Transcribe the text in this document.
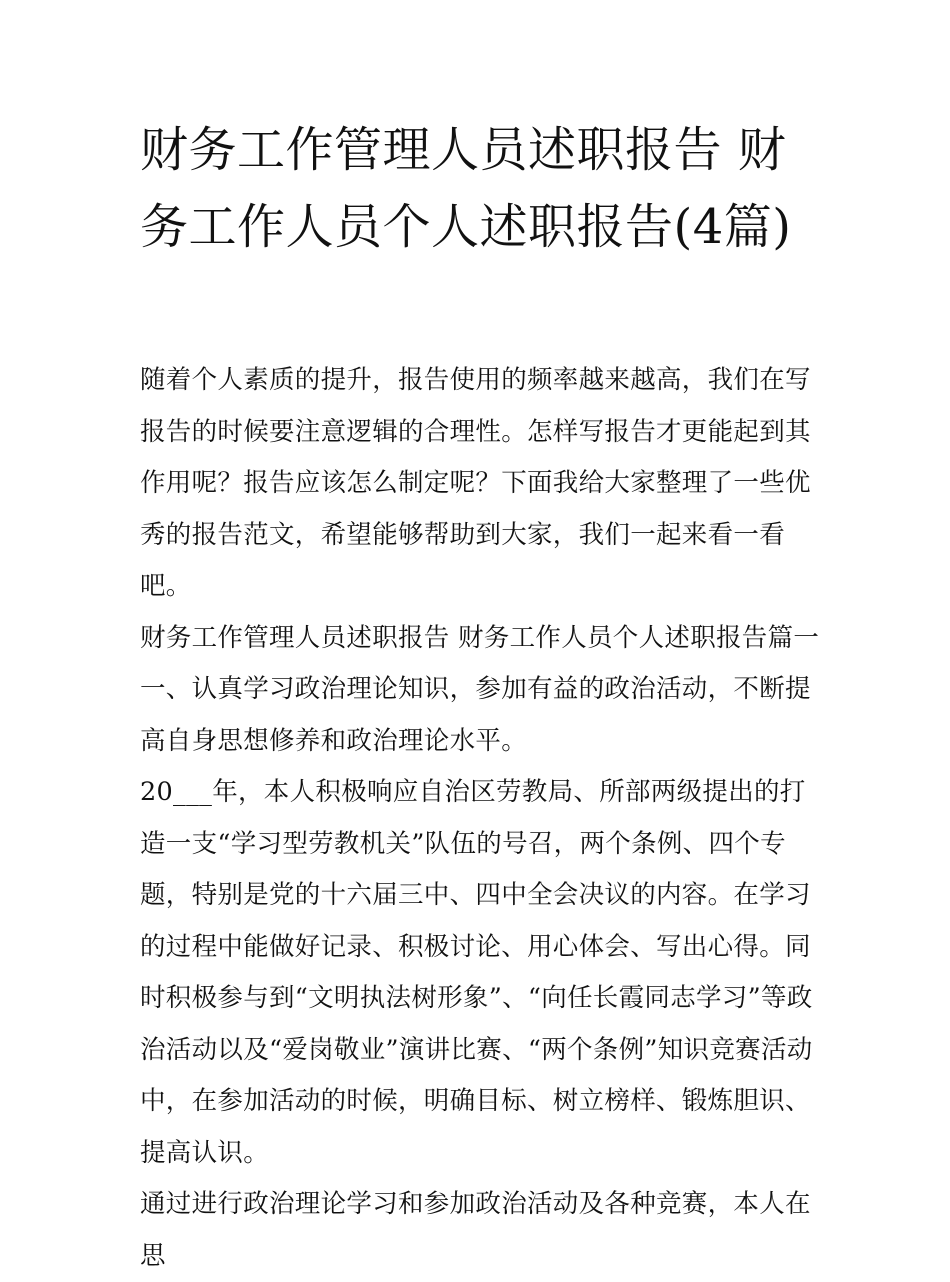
财务工作管理人员述职报告 财务工作人员个人述职报告(4篇)

随着个人素质的提升，报告使用的频率越来越高，我们在写报告的时候要注意逻辑的合理性。怎样写报告才更能起到其作用呢？报告应该怎么制定呢？下面我给大家整理了一些优秀的报告范文，希望能够帮助到大家，我们一起来看一看吧。

财务工作管理人员述职报告 财务工作人员个人述职报告篇一

一、认真学习政治理论知识，参加有益的政治活动，不断提高自身思想修养和政治理论水平。

20___年，本人积极响应自治区劳教局、所部两级提出的打造一支“学习型劳教机关”队伍的号召，两个条例、四个专题，特别是党的十六届三中、四中全会决议的内容。在学习的过程中能做好记录、积极讨论、用心体会、写出心得。同时积极参与到“文明执法树形象”、“向任长霞同志学习”等政治活动以及“爱岗敬业”演讲比赛、“两个条例”知识竞赛活动中，在参加活动的时候，明确目标、树立榜样、锻炼胆识、提高认识。

通过进行政治理论学习和参加政治活动及各种竞赛，本人在思
